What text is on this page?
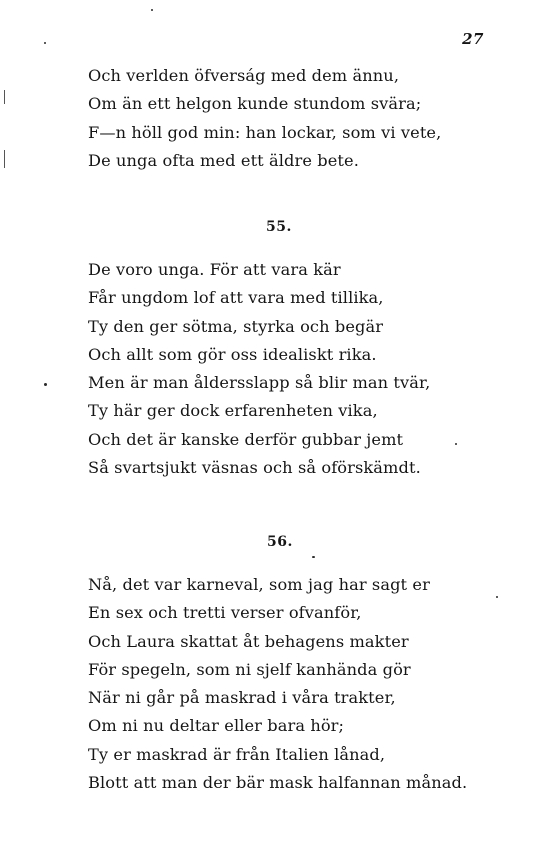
27
Och verlden öfverság med dem ännu,
Om än ett helgon kunde stundom svära;
F—n höll god min: han lockar, som vi vete,
De unga ofta med ett äldre bete.
55.
De voro unga. För att vara kär
Får ungdom lof att vara med tillika,
Ty den ger sötma, styrka och begär
Och allt som gör oss idealiskt rika.
Men är man åldersslapp så blir man tvär,
Ty här ger dock erfarenheten vika,
Och det är kanske derför gubbar jemt
Så svartsjukt väsnas och så oförskämdt.
56.
Nå, det var karneval, som jag har sagt er
En sex och tretti verser ofvanför,
Och Laura skattat åt behagens makter
För spegeln, som ni sjelf kanhända gör
När ni går på maskrad i våra trakter,
Om ni nu deltar eller bara hör;
Ty er maskrad är från Italien lånad,
Blott att man der bär mask halfannan månad.
